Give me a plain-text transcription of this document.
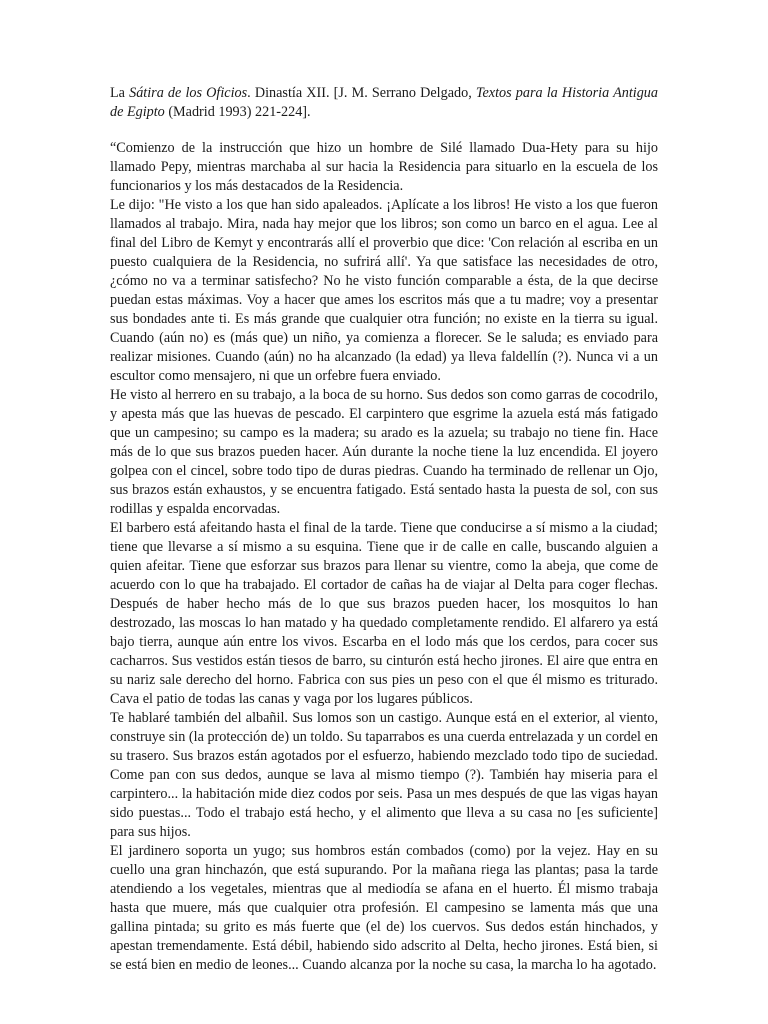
La Sátira de los Oficios. Dinastía XII. [J. M. Serrano Delgado, Textos para la Historia Antigua de Egipto (Madrid 1993) 221-224].

“Comienzo de la instrucción que hizo un hombre de Silé llamado Dua-Hety para su hijo llamado Pepy, mientras marchaba al sur hacia la Residencia para situarlo en la escuela de los funcionarios y los más destacados de la Residencia.

Le dijo: "He visto a los que han sido apaleados. ¡Aplícate a los libros! He visto a los que fueron llamados al trabajo. Mira, nada hay mejor que los libros; son como un barco en el agua. Lee al final del Libro de Kemyt y encontrarás allí el proverbio que dice: 'Con relación al escriba en un puesto cualquiera de la Residencia, no sufrirá allí'. Ya que satisface las necesidades de otro, ¿cómo no va a terminar satisfecho? No he visto función comparable a ésta, de la que decirse puedan estas máximas. Voy a hacer que ames los escritos más que a tu madre; voy a presentar sus bondades ante ti. Es más grande que cualquier otra función; no existe en la tierra su igual. Cuando (aún no) es (más que) un niño, ya comienza a florecer. Se le saluda; es enviado para realizar misiones. Cuando (aún) no ha alcanzado (la edad) ya lleva faldellín (?). Nunca vi a un escultor como mensajero, ni que un orfebre fuera enviado.

He visto al herrero en su trabajo, a la boca de su horno. Sus dedos son como garras de cocodrilo, y apesta más que las huevas de pescado. El carpintero que esgrime la azuela está más fatigado que un campesino; su campo es la madera; su arado es la azuela; su trabajo no tiene fin. Hace más de lo que sus brazos pueden hacer. Aún durante la noche tiene la luz encendida. El joyero golpea con el cincel, sobre todo tipo de duras piedras. Cuando ha terminado de rellenar un Ojo, sus brazos están exhaustos, y se encuentra fatigado. Está sentado hasta la puesta de sol, con sus rodillas y espalda encorvadas.

El barbero está afeitando hasta el final de la tarde. Tiene que conducirse a sí mismo a la ciudad; tiene que llevarse a sí mismo a su esquina. Tiene que ir de calle en calle, buscando alguien a quien afeitar. Tiene que esforzar sus brazos para llenar su vientre, como la abeja, que come de acuerdo con lo que ha trabajado. El cortador de cañas ha de viajar al Delta para coger flechas. Después de haber hecho más de lo que sus brazos pueden hacer, los mosquitos lo han destrozado, las moscas lo han matado y ha quedado completamente rendido. El alfarero ya está bajo tierra, aunque aún entre los vivos. Escarba en el lodo más que los cerdos, para cocer sus cacharros. Sus vestidos están tiesos de barro, su cinturón está hecho jirones. El aire que entra en su nariz sale derecho del horno. Fabrica con sus pies un peso con el que él mismo es triturado. Cava el patio de todas las canas y vaga por los lugares públicos.

Te hablaré también del albañil. Sus lomos son un castigo. Aunque está en el exterior, al viento, construye sin (la protección de) un toldo. Su taparrabos es una cuerda entrelazada y un cordel en su trasero. Sus brazos están agotados por el esfuerzo, habiendo mezclado todo tipo de suciedad. Come pan con sus dedos, aunque se lava al mismo tiempo (?). También hay miseria para el carpintero... la habitación mide diez codos por seis. Pasa un mes después de que las vigas hayan sido puestas... Todo el trabajo está hecho, y el alimento que lleva a su casa no [es suficiente] para sus hijos.

El jardinero soporta un yugo; sus hombros están combados (como) por la vejez. Hay en su cuello una gran hinchazón, que está supurando. Por la mañana riega las plantas; pasa la tarde atendiendo a los vegetales, mientras que al mediodía se afana en el huerto. Él mismo trabaja hasta que muere, más que cualquier otra profesión. El campesino se lamenta más que una gallina pintada; su grito es más fuerte que (el de) los cuervos. Sus dedos están hinchados, y apestan tremendamente. Está débil, habiendo sido adscrito al Delta, hecho jirones. Está bien, si se está bien en medio de leones... Cuando alcanza por la noche su casa, la marcha lo ha agotado.
